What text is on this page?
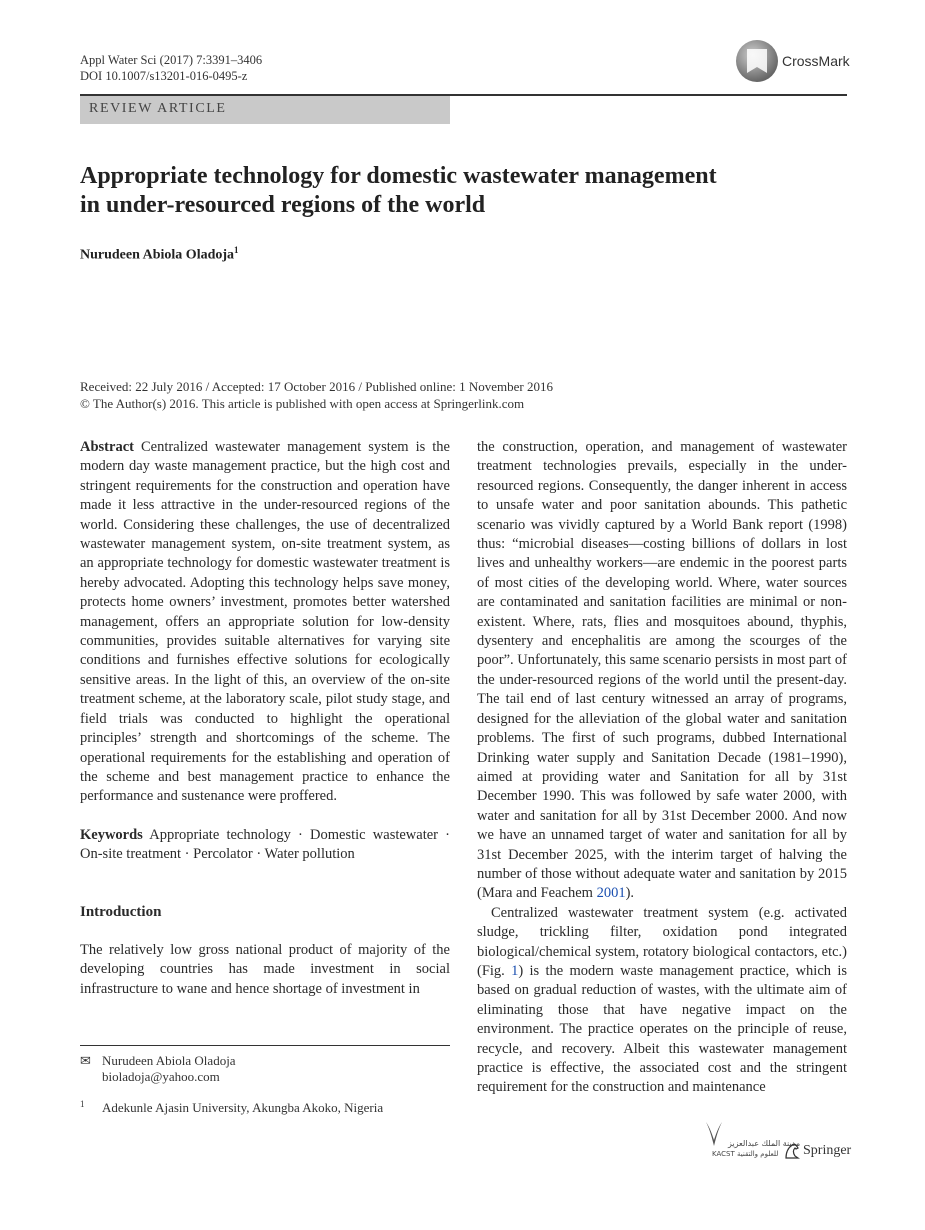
Appl Water Sci (2017) 7:3391–3406
DOI 10.1007/s13201-016-0495-z
CrossMark
REVIEW ARTICLE
Appropriate technology for domestic wastewater management
in under-resourced regions of the world
Nurudeen Abiola Oladoja$^1$
Received: 22 July 2016 / Accepted: 17 October 2016 / Published online: 1 November 2016
© The Author(s) 2016. This article is published with open access at Springerlink.com

Abstract Centralized wastewater management system is the modern day waste management practice, but the high cost and stringent requirements for the construction and operation have made it less attractive in the under-resourced regions of the world. Considering these challenges, the use of decentralized wastewater management system, on-site treatment system, as an appropriate technology for domestic wastewater treatment is hereby advocated. Adopting this technology helps save money, protects home owners’ investment, promotes better watershed management, offers an appropriate solution for low-density communities, provides suitable alternatives for varying site conditions and furnishes effective solutions for ecologically sensitive areas. In the light of this, an overview of the on-site treatment scheme, at the laboratory scale, pilot study stage, and field trials was conducted to highlight the operational principles’ strength and shortcomings of the scheme. The operational requirements for the establishing and operation of the scheme and best management practice to enhance the performance and sustenance were proffered.

Keywords Appropriate technology · Domestic wastewater · On-site treatment · Percolator · Water pollution

Introduction

The relatively low gross national product of majority of the developing countries has made investment in social infrastructure to wane and hence shortage of investment in

✉ Nurudeen Abiola Oladoja
bioladoja@yahoo.com
1 Adekunle Ajasin University, Akungba Akoko, Nigeria

the construction, operation, and management of wastewater treatment technologies prevails, especially in the under-resourced regions. Consequently, the danger inherent in access to unsafe water and poor sanitation abounds. This pathetic scenario was vividly captured by a World Bank report (1998) thus: “microbial diseases—costing billions of dollars in lost lives and unhealthy workers—are endemic in the poorest parts of most cities of the developing world. Where, water sources are contaminated and sanitation facilities are minimal or non-existent. Where, rats, flies and mosquitoes abound, thyphis, dysentery and encephalitis are among the scourges of the poor”. Unfortunately, this same scenario persists in most part of the under-resourced regions of the world until the present-day. The tail end of last century witnessed an array of programs, designed for the alleviation of the global water and sanitation problems. The first of such programs, dubbed International Drinking water supply and Sanitation Decade (1981–1990), aimed at providing water and Sanitation for all by 31st December 1990. This was followed by safe water 2000, with water and sanitation for all by 31st December 2000. And now we have an unnamed target of water and sanitation for all by 31st December 2025, with the interim target of halving the number of those without adequate water and sanitation by 2015 (Mara and Feachem 2001).

Centralized wastewater treatment system (e.g. activated sludge, trickling filter, oxidation pond integrated biological/chemical system, rotatory biological contactors, etc.) (Fig. 1) is the modern waste management practice, which is based on gradual reduction of wastes, with the ultimate aim of eliminating those that have negative impact on the environment. The practice operates on the principle of reuse, recycle, and recovery. Albeit this wastewater management practice is effective, the associated cost and the stringent requirement for the construction and maintenance

مدينة الملك عبدالعزيز
KACST للعلوم والتقنية Springer
